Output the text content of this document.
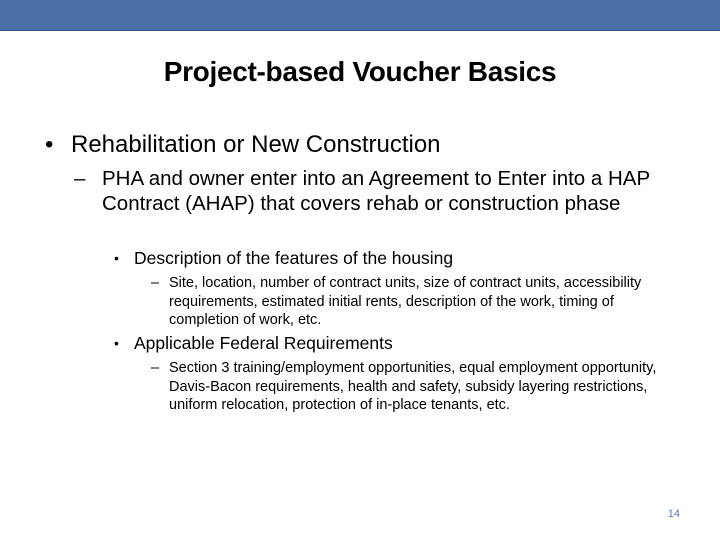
Project-based Voucher Basics
• Rehabilitation or New Construction
– PHA and owner enter into an Agreement to Enter into a HAP Contract (AHAP) that covers rehab or construction phase
• Description of the features of the housing
– Site, location, number of contract units, size of contract units, accessibility requirements, estimated initial rents, description of the work, timing of completion of work, etc.
• Applicable Federal Requirements
– Section 3 training/employment opportunities, equal employment opportunity, Davis-Bacon requirements, health and safety, subsidy layering restrictions, uniform relocation, protection of in-place tenants, etc.
14
